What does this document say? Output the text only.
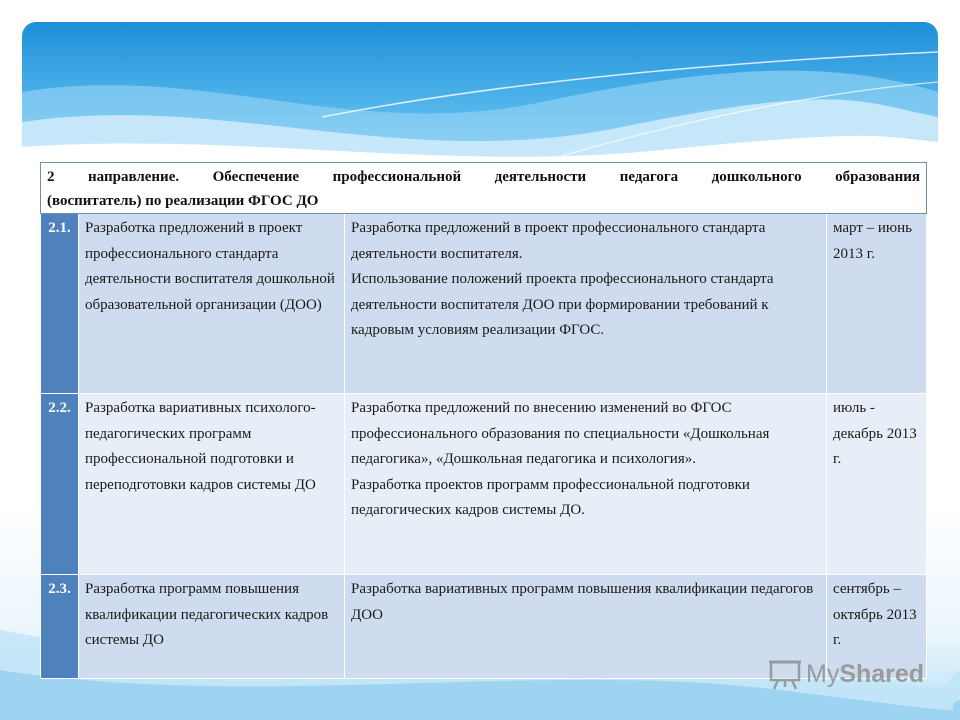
2 направление. Обеспечение профессиональной деятельности педагога дошкольного образования
(воспитатель) по реализации ФГОС ДО			

2.1.	Разработка предложений в проект профессионального стандарта деятельности воспитателя дошкольной образовательной организации (ДОО)	Разработка предложений в проект профессионального стандарта деятельности воспитателя.
Использование положений проекта профессионального стандарта деятельности воспитателя ДОО при формировании требований к кадровым условиям реализации ФГОС.	март – июнь 2013 г.
2.2.	Разработка вариативных психолого-педагогических программ профессиональной подготовки и переподготовки кадров системы ДО	Разработка предложений по внесению изменений во ФГОС профессионального образования по специальности «Дошкольная педагогика», «Дошкольная педагогика и психология».
Разработка проектов программ профессиональной подготовки педагогических кадров системы ДО.	июль - декабрь 2013 г.
2.3.	Разработка программ повышения квалификации педагогических кадров системы ДО	Разработка вариативных программ повышения квалификации педагогов ДОО	сентябрь – октябрь 2013 г.
My Shared
